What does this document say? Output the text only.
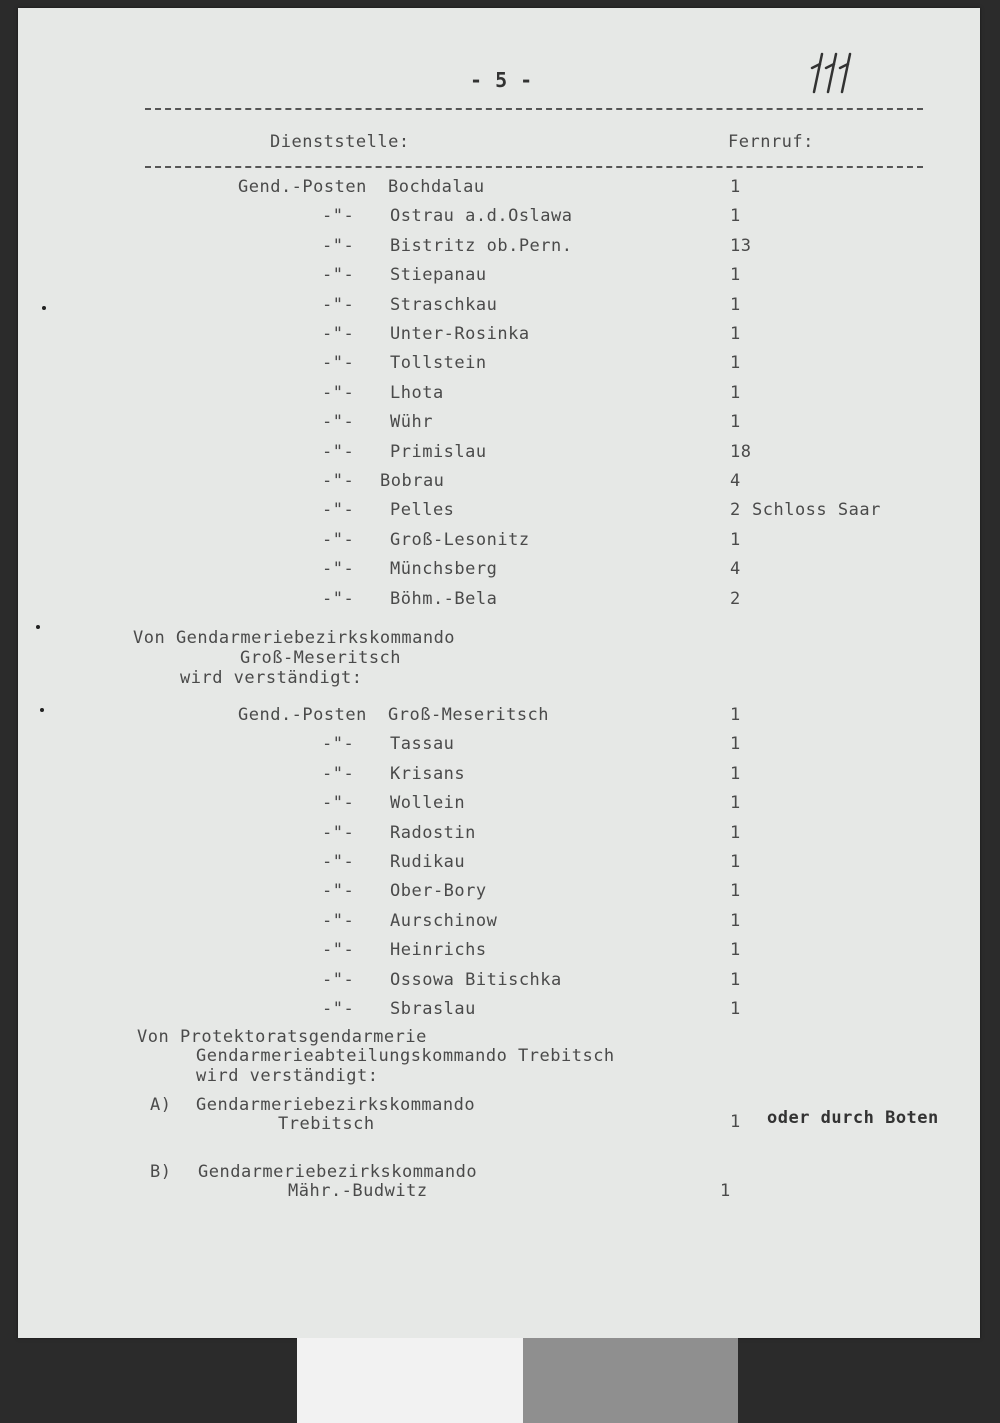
- 5 -
Dienststelle:	Fernruf:
Gend.-Posten Bochdalau	1
-"- Ostrau a.d.Oslawa	1
-"- Bistritz ob.Pern.	13
-"- Stiepanau	1
-"- Straschkau	1
-"- Unter-Rosinka	1
-"- Tollstein	1
-"- Lhota	1
-"- Wühr	1
-"- Primislau	18
-"- Bobrau	4
-"- Pelles	2 Schloss Saar
-"- Groß-Lesonitz	1
-"- Münchsberg	4
-"- Böhm.-Bela	2
Von Gendarmeriebezirkskommando
Groß-Meseritsch
wird verständigt:
Gend.-Posten Groß-Meseritsch	1
-"- Tassau	1
-"- Krisans	1
-"- Wollein	1
-"- Radostin	1
-"- Rudikau	1
-"- Ober-Bory	1
-"- Aurschinow	1
-"- Heinrichs	1
-"- Ossowa Bitischka	1
-"- Sbraslau	1
Von Protektoratsgendarmerie
Gendarmerieabteilungskommando Trebitsch
wird verständigt:
A) Gendarmeriebezirkskommando
Trebitsch	1 oder durch Boten
B) Gendarmeriebezirkskommando
Mähr.-Budwitz	1
